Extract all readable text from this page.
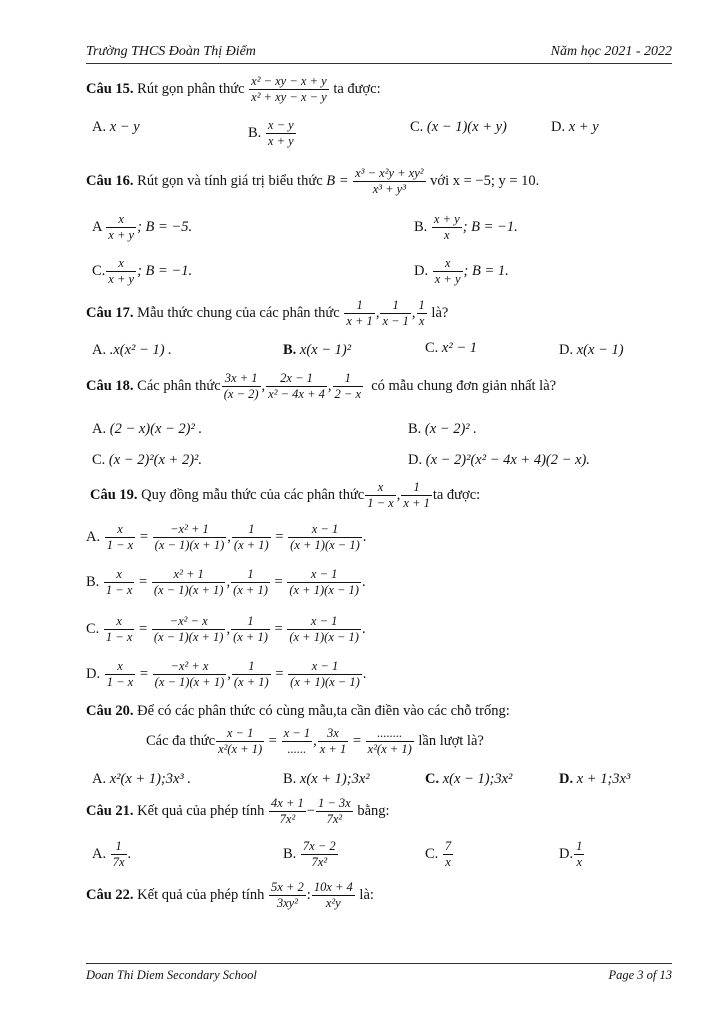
Trường THCS Đoàn Thị Điểm	Năm học 2021 - 2022
Câu 15. Rút gọn phân thức $\frac{\text{x² − xy − x + y}}{\text{x² + xy − x − y}}$ ta được:
A. x − y	B. $\frac{x - y}{x + y}$	C. (x − 1)(x + y)	D. x + y
Câu 16. Rút gọn và tính giá trị biểu thức $B = \frac{\text{x³ − x²y + xy²}}{\text{x³ + y³}}$ với x = −5; y = 10.
A $\frac{x}{x + y}$ ; B = −5.	B. $\frac{x + y}{x}$ ; B = −1.
C. $\frac{x}{x + y}$ ; B = −1.	D. $\frac{x}{x + y}$ ; B = 1.
Câu 17. Mẫu thức chung của các phân thức $\frac{1}{x + 1}$ , $\frac{1}{x - 1}$ , $\frac{1}{x}$ là?
A. .x(x² − 1) .	B. x(x − 1)²	C. x² − 1	D. x(x − 1)
Câu 18. Các phân thức $\frac{3x + 1}{(x - 2)}$ , $\frac{2x - 1}{\text{x² − 4x + 4}}$ , $\frac{1}{2 - x}$ có mẫu chung đơn giản nhất là?
A. (2 − x)(x − 2)² .	B. (x − 2)² .
C. (x − 2)²(x + 2)².	D. (x − 2)²(x² − 4x + 4)(2 − x).
Câu 19. Quy đồng mẫu thức của các phân thức $\frac{x}{1 - x}$ , $\frac{1}{x + 1}$ ta được:
A. $\frac{x}{1 - x} = \frac{\text{−x² + 1}}{(x - 1)(x + 1)}$ , $\frac{1}{(x + 1)} = \frac{x - 1}{(x + 1)(x - 1)}$ .
B. $\frac{x}{1 - x} = \frac{\text{x² + 1}}{(x - 1)(x + 1)}$ , $\frac{1}{(x + 1)} = \frac{x - 1}{(x + 1)(x - 1)}$ .
C. $\frac{x}{1 - x} = \frac{\text{−x² − x}}{(x - 1)(x + 1)}$ , $\frac{1}{(x + 1)} = \frac{x - 1}{(x + 1)(x - 1)}$ .
D. $\frac{x}{1 - x} = \frac{\text{−x² + x}}{(x - 1)(x + 1)}$ , $\frac{1}{(x + 1)} = \frac{x - 1}{(x + 1)(x - 1)}$ .
Câu 20. Để có các phân thức có cùng mẫu,ta cần điền vào các chỗ trống:
Các đa thức $\frac{x - 1}{\text{x²(x + 1)}} = \frac{x - 1}{......}$ , $\frac{3x}{x + 1} = \frac{........}{\text{x²(x + 1)}}$ lần lượt là?
A. x²(x + 1);3x³ .	B. x(x + 1);3x²	C. x(x − 1);3x²	D. x + 1;3x³
Câu 21. Kết quả của phép tính $\frac{4x + 1}{\text{7x²}} - \frac{1 - 3x}{\text{7x²}}$ bằng:
A. $\frac{1}{7x}$ .	B. $\frac{7x - 2}{\text{7x²}}$	C. $\frac{7}{x}$	D. $\frac{1}{x}$
Câu 22. Kết quả của phép tính $\frac{5x + 2}{\text{3xy²}}$ : $\frac{10x + 4}{\text{x²y}}$ là:
Doan Thi Diem Secondary School	Page 3 of 13
